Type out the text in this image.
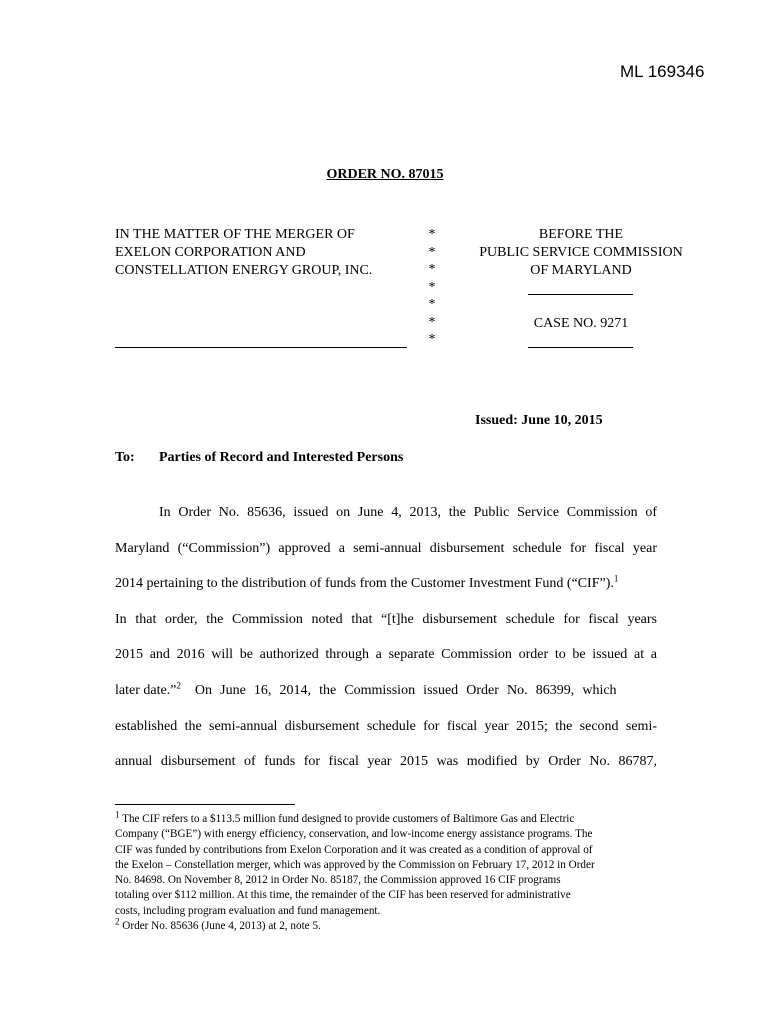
ML 169346
ORDER NO. 87015
IN THE MATTER OF THE MERGER OF
EXELON CORPORATION AND
CONSTELLATION ENERGY GROUP, INC.
*
*
*
*
*
*
*
BEFORE THE
PUBLIC SERVICE COMMISSION
OF MARYLAND
CASE NO. 9271
Issued: June 10, 2015
To: Parties of Record and Interested Persons
In Order No. 85636, issued on June 4, 2013, the Public Service Commission of
Maryland (“Commission”) approved a semi-annual disbursement schedule for fiscal year
2014 pertaining to the distribution of funds from the Customer Investment Fund (“CIF”).$^1$
In that order, the Commission noted that “[t]he disbursement schedule for fiscal years
2015 and 2016 will be authorized through a separate Commission order to be issued at a
later date.”$^2$ On June 16, 2014, the Commission issued Order No. 86399, which
established the semi-annual disbursement schedule for fiscal year 2015; the second semi-
annual disbursement of funds for fiscal year 2015 was modified by Order No. 86787,
$^1$ The CIF refers to a $113.5 million fund designed to provide customers of Baltimore Gas and Electric
Company (“BGE”) with energy efficiency, conservation, and low-income energy assistance programs. The
CIF was funded by contributions from Exelon Corporation and it was created as a condition of approval of
the Exelon – Constellation merger, which was approved by the Commission on February 17, 2012 in Order
No. 84698. On November 8, 2012 in Order No. 85187, the Commission approved 16 CIF programs
totaling over $112 million. At this time, the remainder of the CIF has been reserved for administrative
costs, including program evaluation and fund management.
$^2$ Order No. 85636 (June 4, 2013) at 2, note 5.
